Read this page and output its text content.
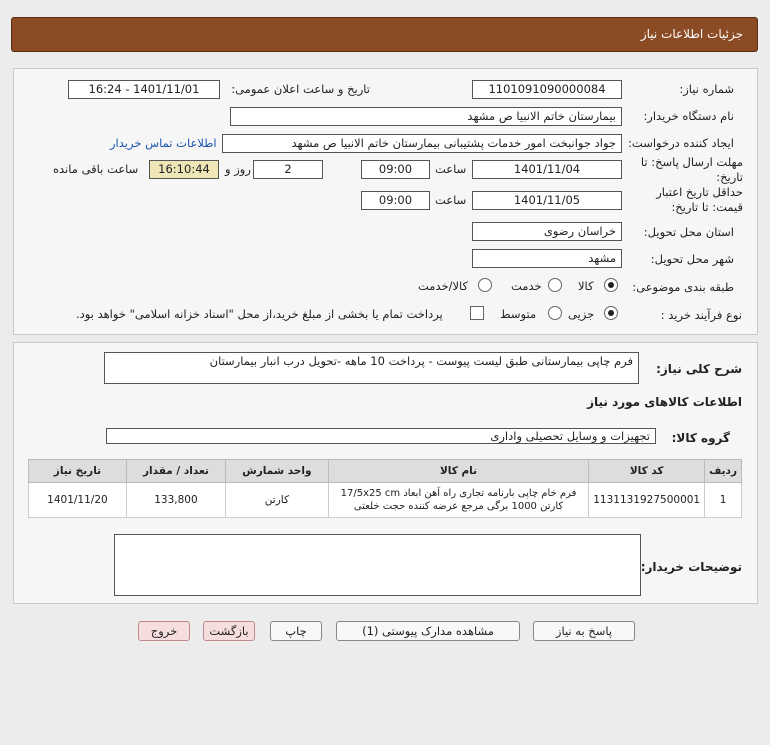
جزئیات اطلاعات نیاز
شماره نیاز:
1101091090000084
تاریخ و ساعت اعلان عمومی:
1401/11/01 - 16:24
نام دستگاه خریدار:
بیمارستان خاتم الانبیا ص مشهد
ایجاد کننده درخواست:
جواد جوانبخت امور خدمات پشتیبانی بیمارستان خاتم الانبیا ص مشهد
اطلاعات تماس خریدار
مهلت ارسال پاسخ: تا تاریخ:
1401/11/04
ساعت
09:00
2
روز و
16:10:44
ساعت باقی مانده
حداقل تاریخ اعتبار قیمت: تا تاریخ:
1401/11/05
ساعت
09:00
استان محل تحویل:
خراسان رضوی
شهر محل تحویل:
مشهد
طبقه بندی موضوعی:
کالا
خدمت
کالا/خدمت
نوع فرآیند خرید :
جزیی
متوسط
پرداخت تمام یا بخشی از مبلغ خرید،از محل "اسناد خزانه اسلامی" خواهد بود.
شرح کلی نیاز:
فرم چاپی بیمارستانی طبق لیست پیوست - پرداخت 10 ماهه -تحویل درب انبار بیمارستان
اطلاعات کالاهای مورد نیاز
گروه کالا:
تجهیزات و وسایل تحصیلی واداری
ردیف	کد کالا	نام کالا	واحد شمارش	تعداد / مقدار	تاریخ نیاز
1	1131131927500001	فرم خام چاپی بارنامه تجاری راه آهن ابعاد 17/5x25 cm کارتن 1000 برگی مرجع عرضه کننده حجت خلعتی	کارتن	133,800	1401/11/20
توضیحات خریدار:
پاسخ به نیاز
مشاهده مدارک پیوستی (1)
چاپ
بازگشت
خروج
